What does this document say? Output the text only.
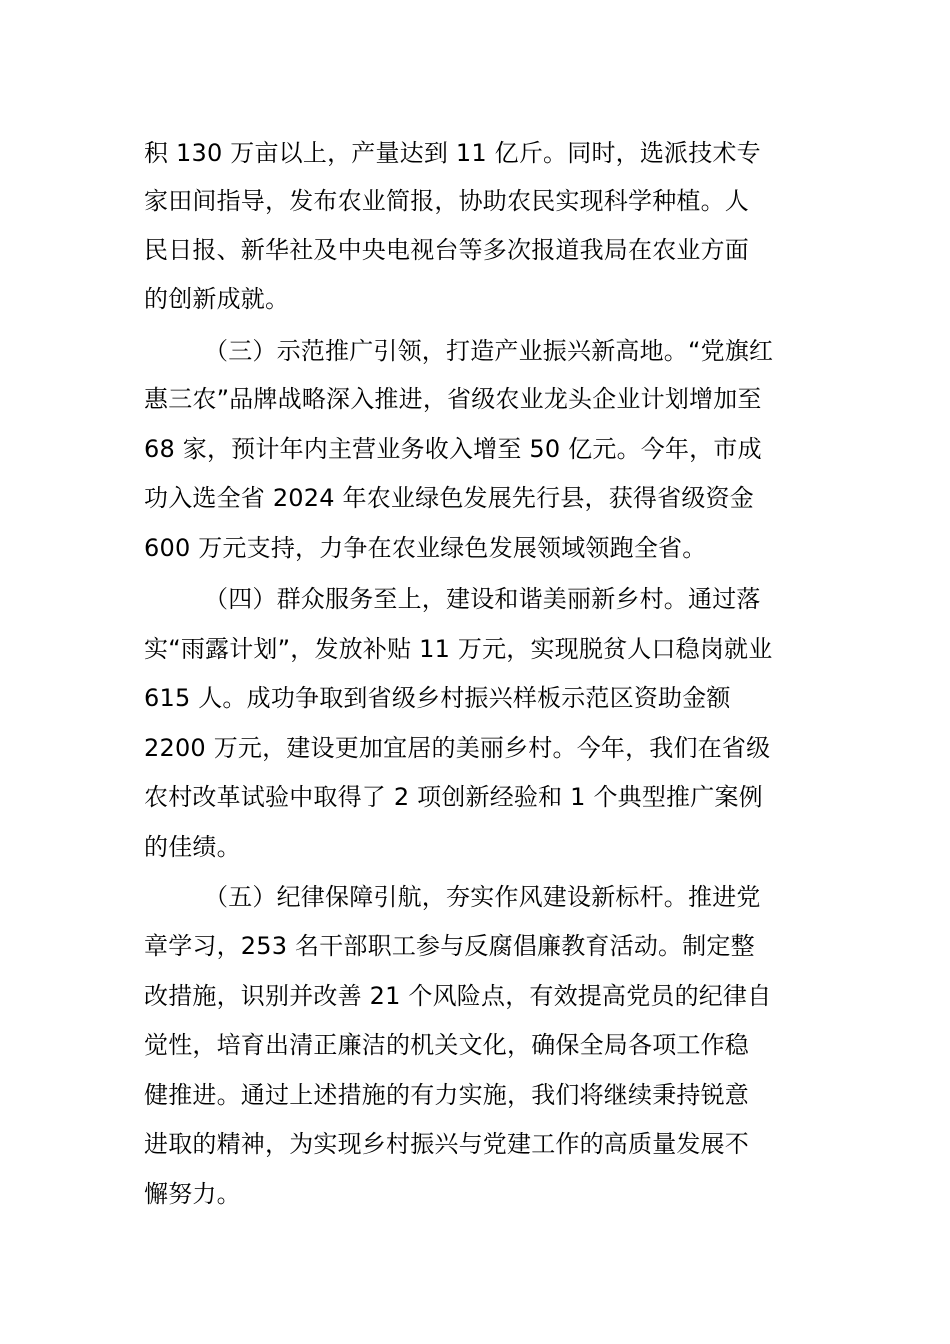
积 130 万亩以上，产量达到 11 亿斤。同时，选派技术专
家田间指导，发布农业简报，协助农民实现科学种植。人
民日报、新华社及中央电视台等多次报道我局在农业方面
的创新成就。
（三）示范推广引领，打造产业振兴新高地。“党旗红
惠三农”品牌战略深入推进，省级农业龙头企业计划增加至
68 家，预计年内主营业务收入增至 50 亿元。今年，市成
功入选全省 2024 年农业绿色发展先行县，获得省级资金
600 万元支持，力争在农业绿色发展领域领跑全省。
（四）群众服务至上，建设和谐美丽新乡村。通过落
实“雨露计划”，发放补贴 11 万元，实现脱贫人口稳岗就业
615 人。成功争取到省级乡村振兴样板示范区资助金额
2200 万元，建设更加宜居的美丽乡村。今年，我们在省级
农村改革试验中取得了 2 项创新经验和 1 个典型推广案例
的佳绩。
（五）纪律保障引航，夯实作风建设新标杆。推进党
章学习，253 名干部职工参与反腐倡廉教育活动。制定整
改措施，识别并改善 21 个风险点，有效提高党员的纪律自
觉性，培育出清正廉洁的机关文化，确保全局各项工作稳
健推进。通过上述措施的有力实施，我们将继续秉持锐意
进取的精神，为实现乡村振兴与党建工作的高质量发展不
懈努力。
